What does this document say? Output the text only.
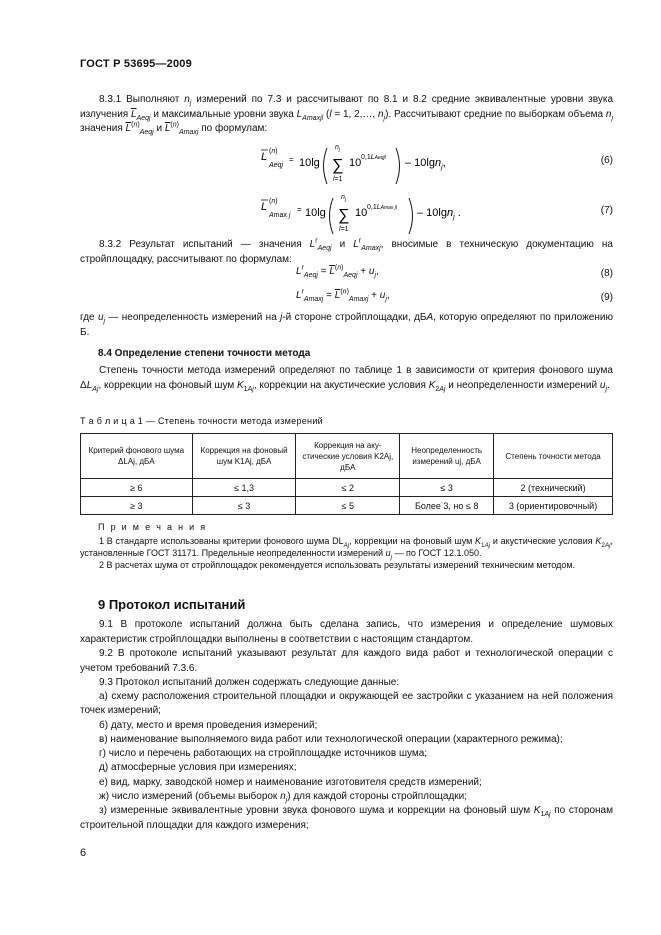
ГОСТ Р 53695—2009

8.3.1 Выполняют $n_j$ измерений по 7.3 и рассчитывают по 8.1 и 8.2 средние эквивалентные уровни звука излучения $\overline{L}_{Aeqj}$ и максимальные уровни звука $L_{Amaxjl}$ (l = 1, 2,…, $n_j$). Рассчитывают средние по выборкам объема $n_j$ значения $\overline{L}^{(n)}_{Aeqj}$ и $\overline{L}^{(n)}_{Amaxj}$ по формулам:

L (n)
Aeqj
= 10lg
$n_j$
∑
l=1
10 0,1LAeqjl – 10lgn$_j$,	(6)
L (n)
Amax j
= 10lg
$n_j$
∑
l=1
10 0,1LAmax jl – 10lgn$_j$ .	(7)

8.3.2 Результат испытаний — значения $L^r_{Aeqj}$ и $L^r_{Amaxj}$, вносимые в техническую документацию на стройплощадку, рассчитывают по формулам:

$L^r_{Aeqj} = \overline{L}^{(n)}_{Aeqj} + u_j$,	(8)
$L^r_{Amaxj} = \overline{L}^{(n)}_{Amaxj} + u_j$,	(9)

где $u_j$ — неопределенность измерений на j-й стороне стройплощадки, дБA, которую определяют по приложению Б.

8.4 Определение степени точности метода

Степень точности метода измерений определяют по таблице 1 в зависимости от критерия фонового шума $\Delta L_{Aj}$, коррекции на фоновый шум $K_{1Aj}$, коррекции на акустические условия $K_{2Aj}$ и неопределенности измерений $u_j$.

Т а б л и ц а 1 — Степень точности метода измерений
Критерий фонового шума ΔLAj, дБA	Коррекция на фоновый шум K1Aj, дБA	Коррекция на аку-стические условия K2Aj, дБA	Неопределенность измерений uj, дБA	Степень точности метода
≥ 6	≤ 1,3	≤ 2	≤ 3	2 (технический)
≥ 3	≤ 3	≤ 5	Более 3, но ≤ 8	3 (ориентировочный)
П р и м е ч а н и я

1 В стандарте использованы критерии фонового шума $DL_{Aj}$, коррекции на фоновый шум $K_{1Aj}$ и акустические условия $K_{2Aj}$, установленные ГОСТ 31171. Предельные неопределенности измерений $u_j$ — по ГОСТ 12.1.050.

2 В расчетах шума от стройплощадок рекомендуется использовать результаты измерений техническим методом.

9 Протокол испытаний

9.1 В протоколе испытаний должна быть сделана запись, что измерения и определение шумовых характеристик стройплощадки выполнены в соответствии с настоящим стандартом.

9.2 В протоколе испытаний указывают результат для каждого вида работ и технологической операции с учетом требований 7.3.6.

9.3 Протокол испытаний должен содержать следующие данные:

а) схему расположения строительной площадки и окружающей ее застройки с указанием на ней положения точек измерений;
б) дату, место и время проведения измерений;
в) наименование выполняемого вида работ или технологической операции (характерного режима);
г) число и перечень работающих на стройплощадке источников шума;
д) атмосферные условия при измерениях;
е) вид, марку, заводской номер и наименование изготовителя средств измерений;
ж) число измерений (объемы выборок $n_j$) для каждой стороны стройплощадки;
з) измеренные эквивалентные уровни звука фонового шума и коррекции на фоновый шум $K_{1Aj}$ по сторонам строительной площадки для каждого измерения;
6
